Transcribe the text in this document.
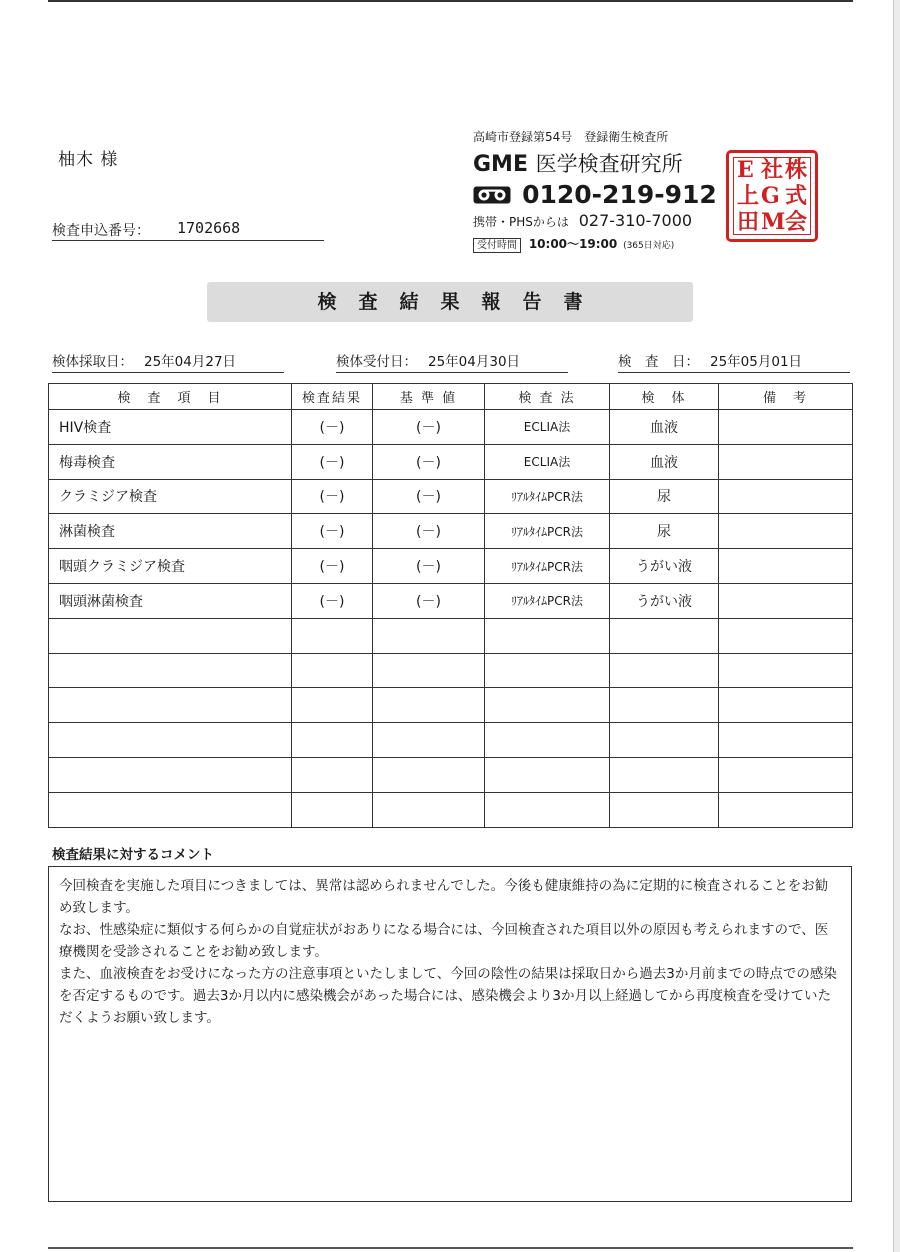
柚木 様
検査申込番号： 1702668
高崎市登録第54号　登録衛生検査所
GME 医学検査研究所
0120-219-912
携帯・PHSからは 027-310-7000
受付時間 10:00〜19:00 (365日対応)
株
式
会
社
G
M
E
上
田
検査結果報告書
検体採取日： 25年04月27日	検体受付日： 25年04月30日	検　査　日： 25年05月01日
検　査　項　目	検査結果	基 準 値	検 査 法	検　体	備　考
HIV検査	(－)	(－)	ECLIA法	血液	
梅毒検査	(－)	(－)	ECLIA法	血液	
クラミジア検査	(－)	(－)	ﾘｱﾙﾀｲﾑPCR法	尿	
淋菌検査	(－)	(－)	ﾘｱﾙﾀｲﾑPCR法	尿	
咽頭クラミジア検査	(－)	(－)	ﾘｱﾙﾀｲﾑPCR法	うがい液	
咽頭淋菌検査	(－)	(－)	ﾘｱﾙﾀｲﾑPCR法	うがい液	

検査結果に対するコメント

今回検査を実施した項目につきましては、異常は認められませんでした。今後も健康維持の為に定期的に検査されることをお勧め致します。

なお、性感染症に類似する何らかの自覚症状がおありになる場合には、今回検査された項目以外の原因も考えられますので、医療機関を受診されることをお勧め致します。

また、血液検査をお受けになった方の注意事項といたしまして、今回の陰性の結果は採取日から過去3か月前までの時点での感染を否定するものです。過去3か月以内に感染機会があった場合には、感染機会より3か月以上経過してから再度検査を受けていただくようお願い致します。
